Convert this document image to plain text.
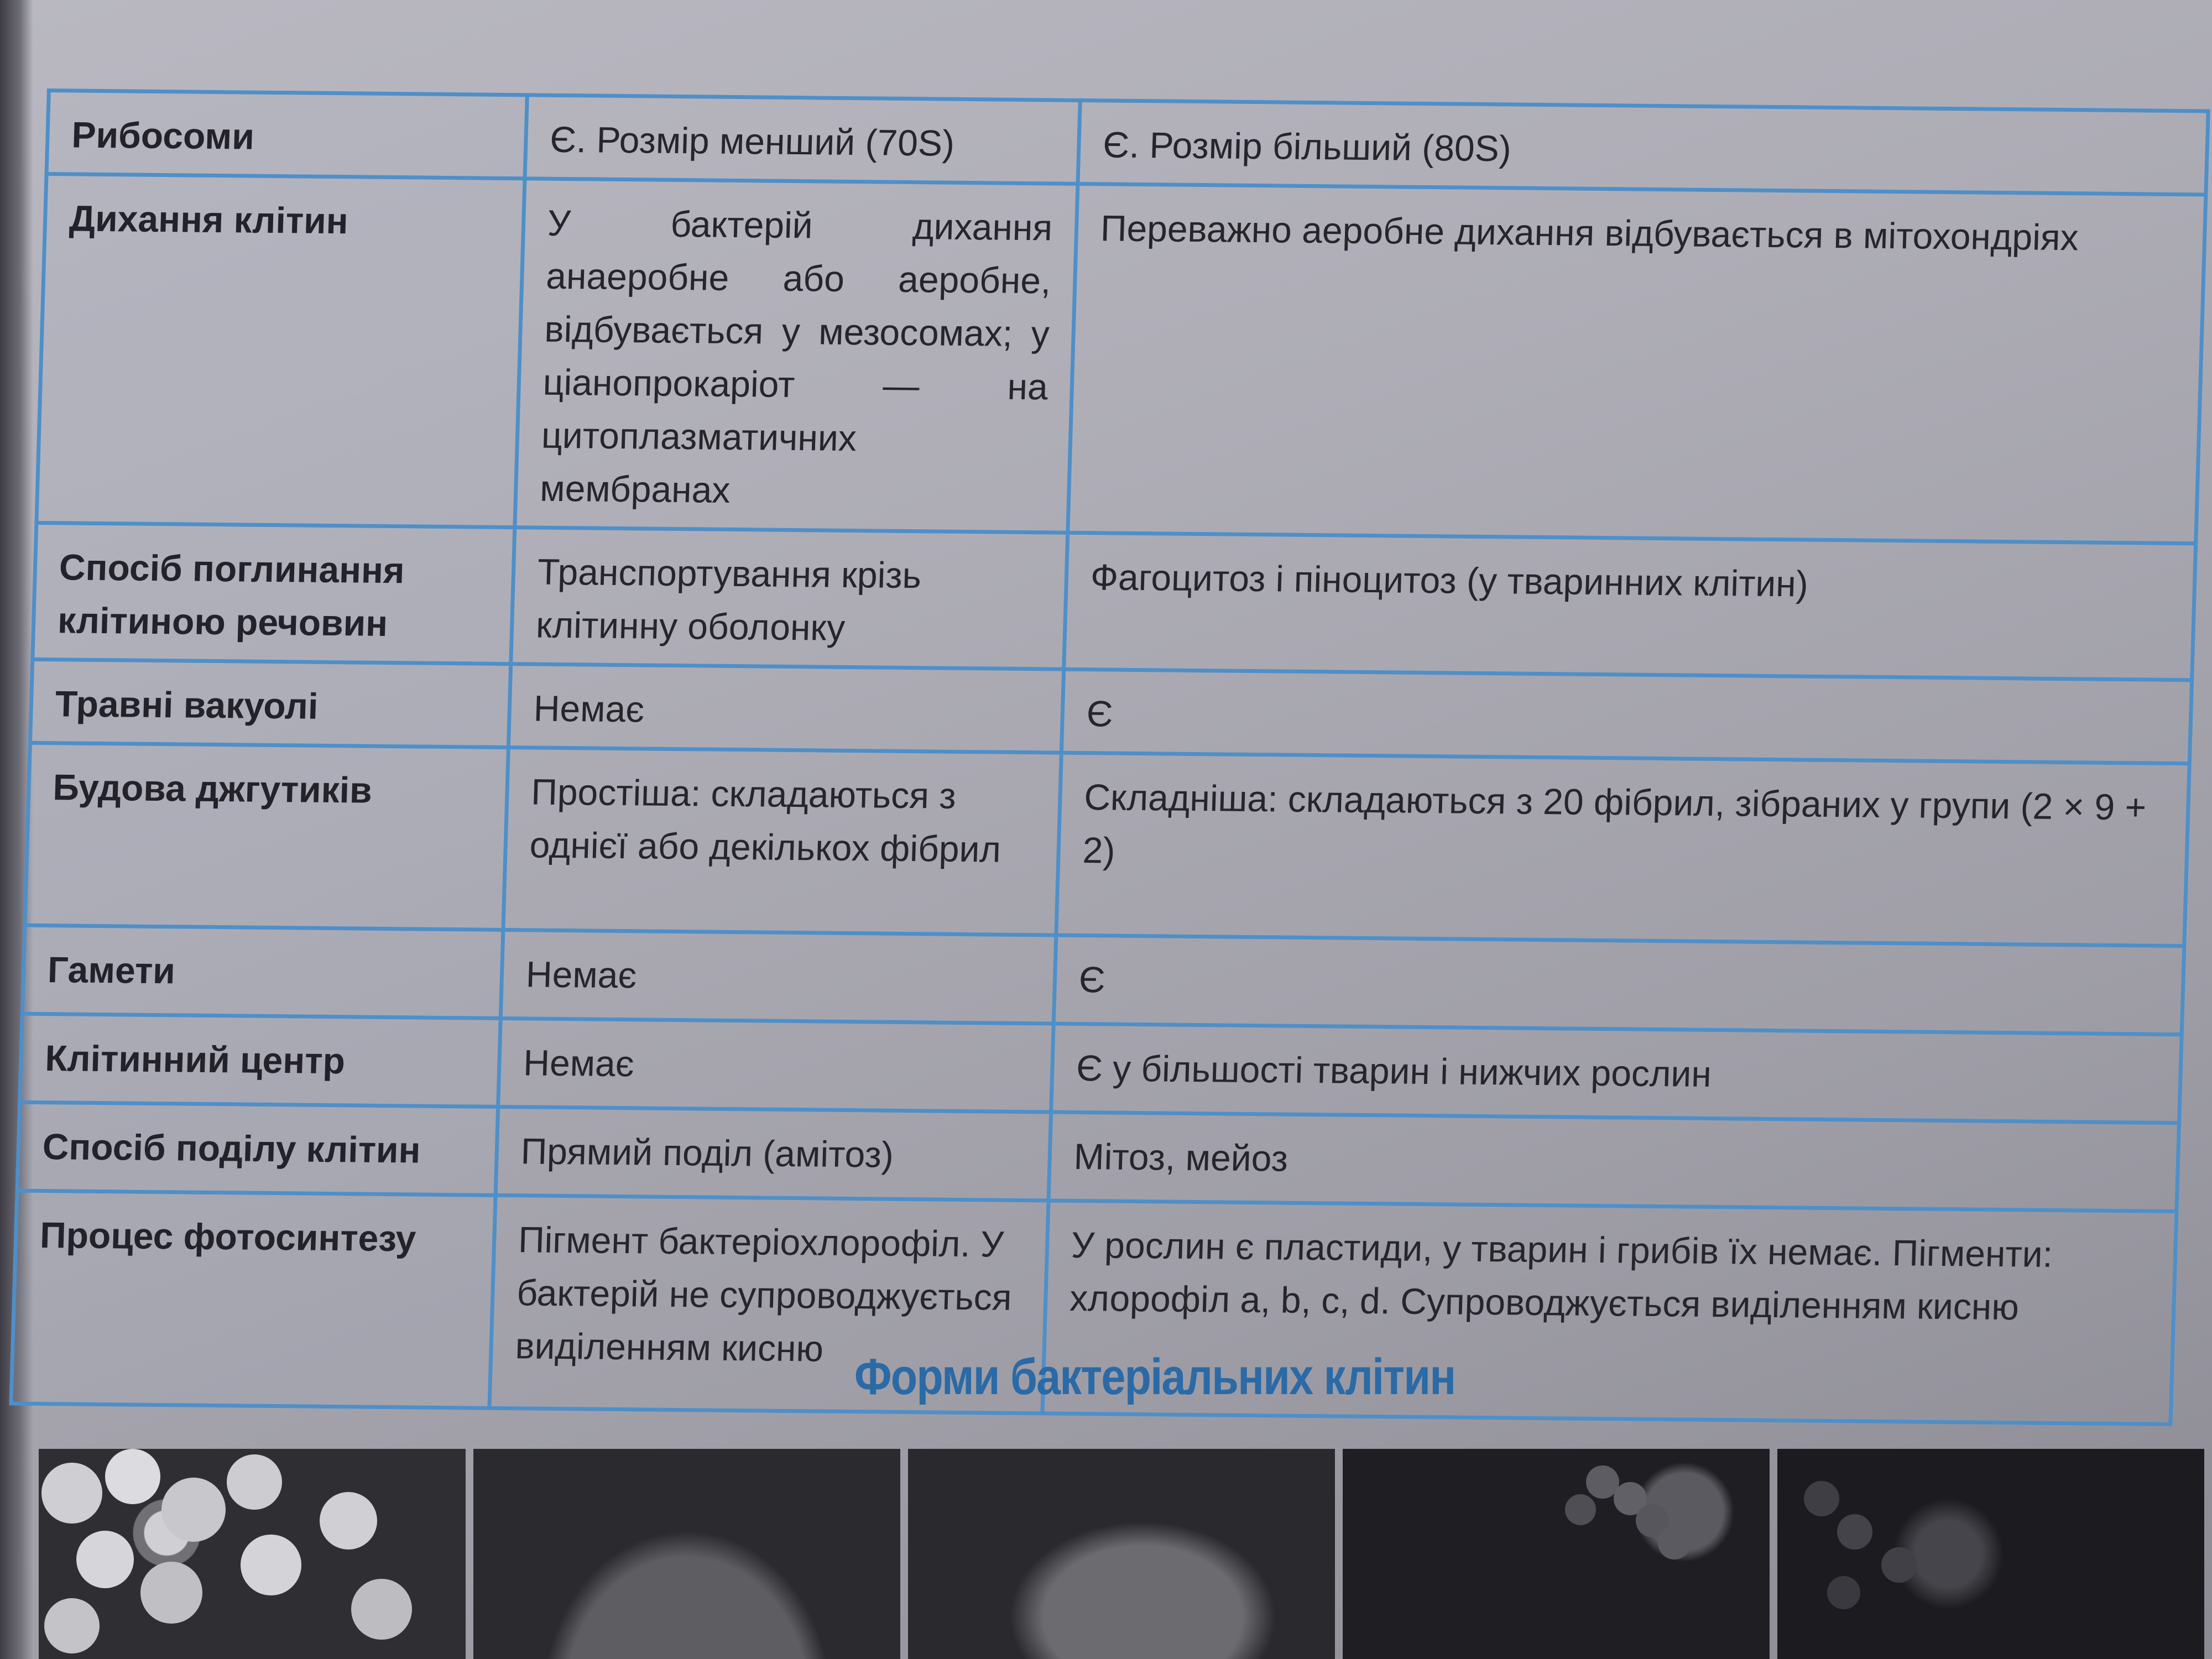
Рибосоми	Є. Розмір менший (70S)	Є. Розмір більший (80S)
Дихання клітин	У бактерій дихання анаеробне або аеробне, відбувається у мезосомах; у ціанопрокаріот — на цитоплазматичних мембранах	Переважно аеробне дихання відбувається в мітохондріях
Спосіб поглинання клітиною речовин	Транспортування крізь клітинну оболонку	Фагоцитоз і піноцитоз (у тваринних клітин)
Травні вакуолі	Немає	Є
Будова джгутиків	Простіша: складаються з однієї або декількох фібрил	Складніша: складаються з 20 фібрил, зібраних у групи (2 × 9 + 2)
Гамети	Немає	Є
Клітинний центр	Немає	Є у більшості тварин і нижчих рослин
Спосіб поділу клітин	Прямий поділ (амітоз)	Мітоз, мейоз
Процес фотосинтезу	Пігмент бактеріохлорофіл. У бактерій не супроводжується виділенням кисню	У рослин є пластиди, у тварин і грибів їх немає. Пігменти: хлорофіл a, b, c, d. Супроводжується виділенням кисню
Форми бактеріальних клітин
